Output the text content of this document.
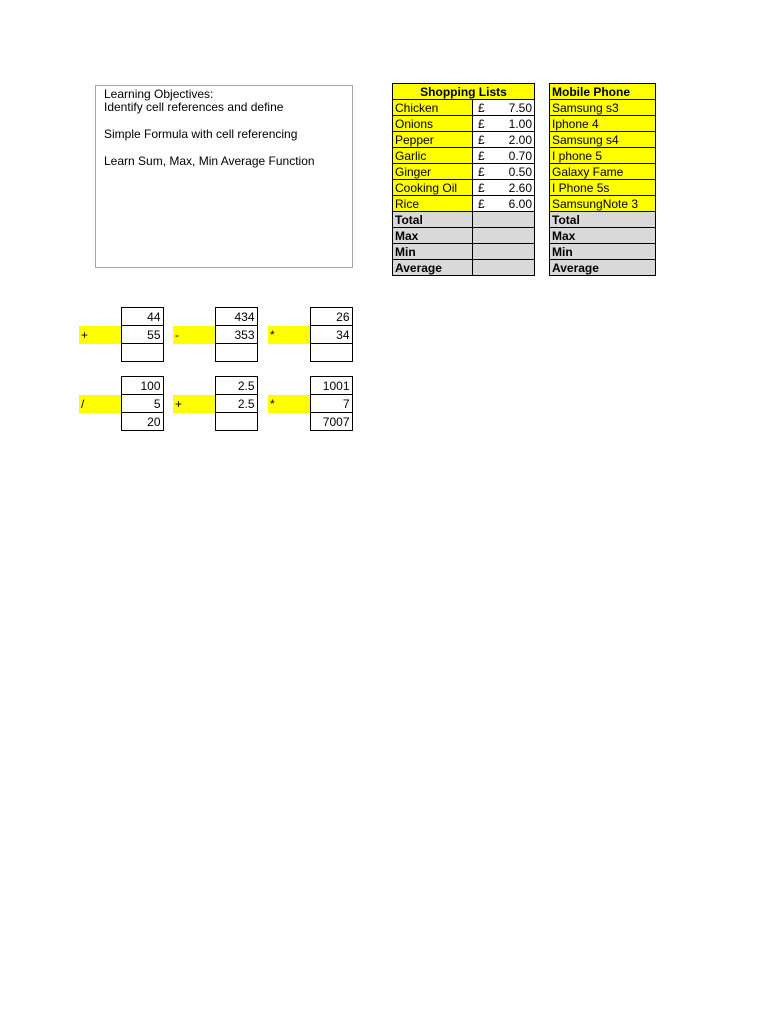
Learning Objectives:

Identify cell references and define

Simple Formula with cell referencing

Learn Sum, Max, Min Average Function

Shopping Lists	
Chicken	£ 7.50
Onions	£ 1.00
Pepper	£ 2.00
Garlic	£ 0.70
Ginger	£ 0.50
Cooking Oil	£ 2.60
Rice	£ 6.00
Total	
Max	
Min	
Average	
Mobile Phone
Samsung s3
Iphone 4
Samsung s4
I phone 5
Galaxy Fame
I Phone 5s
SamsungNote 3
Total
Max
Min
Average
	44
+	55

	434
-	353

	26
*	34

	100
/	5
	20
	2.5
+	2.5

	1001
*	7
	7007
